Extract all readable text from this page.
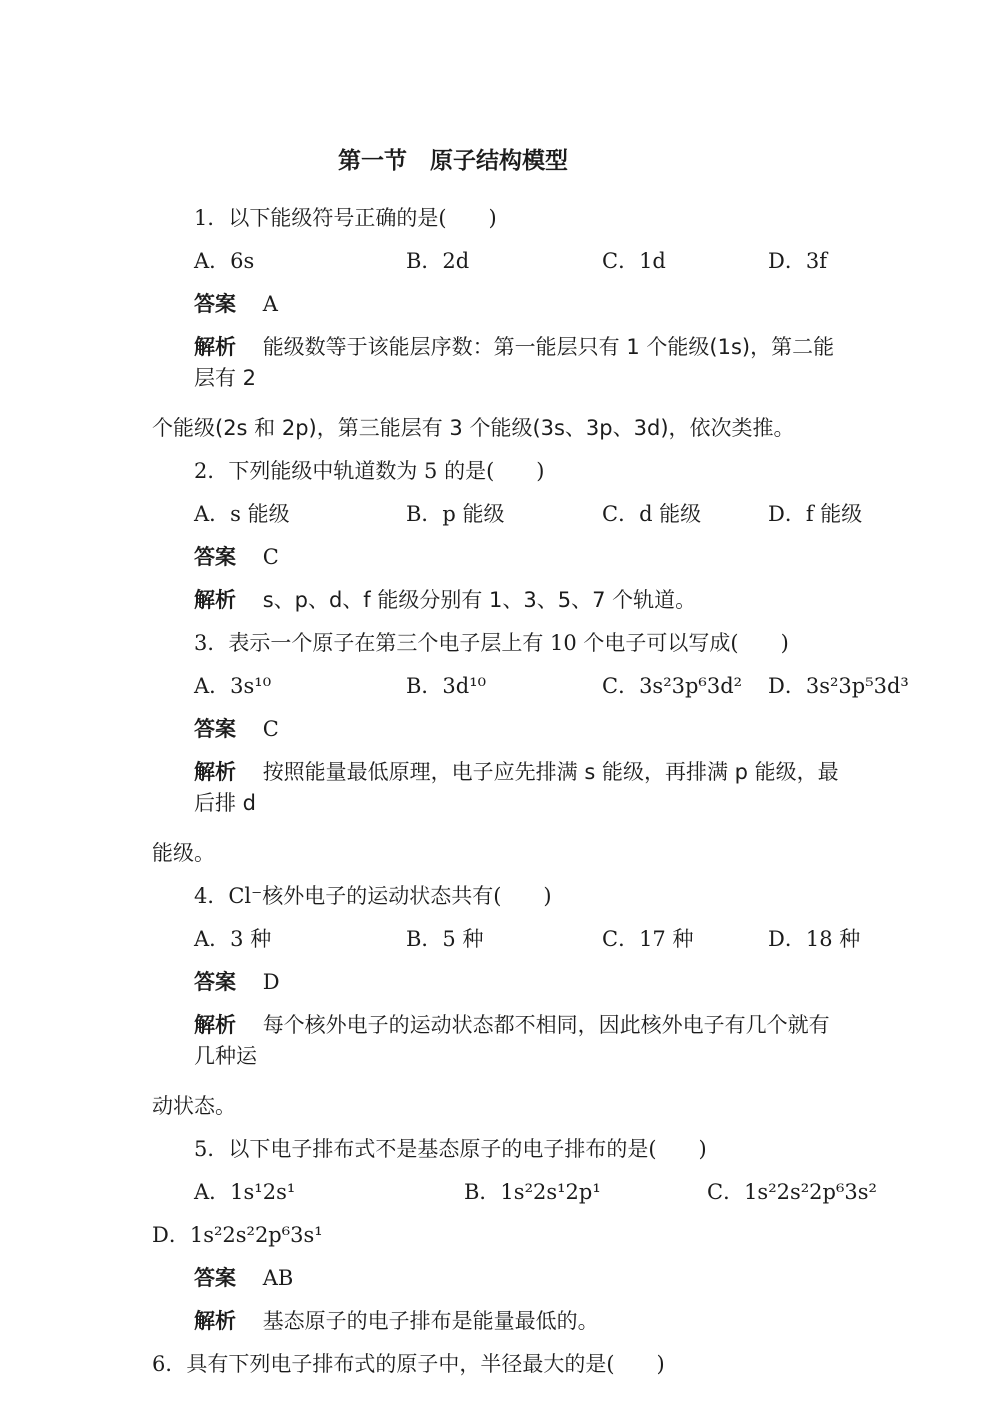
第一节　原子结构模型

1．以下能级符号正确的是(　　)

A．6s	B．2d	C．1d	D．3f

答案 A

解析 能级数等于该能层序数：第一能层只有 1 个能级(1s)，第二能层有 2
个能级(2s 和 2p)，第三能层有 3 个能级(3s、3p、3d)，依次类推。

2．下列能级中轨道数为 5 的是(　　)

A．s 能级	B．p 能级	C．d 能级	D．f 能级

答案 C

解析 s、p、d、f 能级分别有 1、3、5、7 个轨道。

3．表示一个原子在第三个电子层上有 10 个电子可以写成(　　)

A．3s¹⁰	B．3d¹⁰	C．3s²3p⁶3d²	D．3s²3p⁵3d³

答案 C

解析 按照能量最低原理，电子应先排满 s 能级，再排满 p 能级，最后排 d
能级。

4．Cl⁻核外电子的运动状态共有(　　)

A．3 种	B．5 种	C．17 种	D．18 种

答案 D

解析 每个核外电子的运动状态都不相同，因此核外电子有几个就有几种运
动状态。

5．以下电子排布式不是基态原子的电子排布的是(　　)

A．1s¹2s¹	B．1s²2s¹2p¹	C．1s²2s²2p⁶3s²

D．1s²2s²2p⁶3s¹

答案 AB

解析 基态原子的电子排布是能量最低的。

6．具有下列电子排布式的原子中，半径最大的是(　　)
